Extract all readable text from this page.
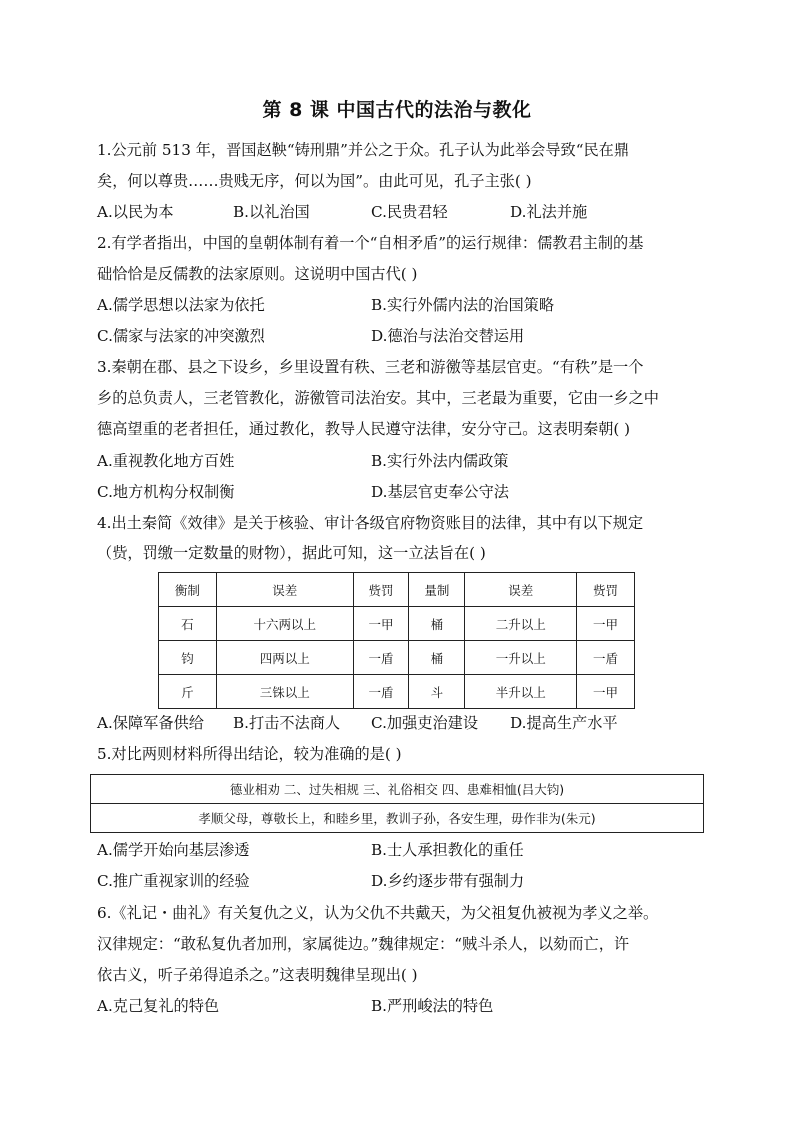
第 8 课 中国古代的法治与教化
1.公元前 513 年，晋国赵鞅“铸刑鼎”并公之于众。孔子认为此举会导致“民在鼎
矣，何以尊贵……贵贱无序，何以为国”。由此可见，孔子主张( )
A.以民为本	B.以礼治国	C.民贵君轻	D.礼法并施
2.有学者指出，中国的皇朝体制有着一个“自相矛盾”的运行规律：儒教君主制的基
础恰恰是反儒教的法家原则。这说明中国古代( )
A.儒学思想以法家为依托	B.实行外儒内法的治国策略
C.儒家与法家的冲突激烈	D.德治与法治交替运用
3.秦朝在郡、县之下设乡，乡里设置有秩、三老和游徼等基层官吏。“有秩”是一个
乡的总负责人，三老管教化，游徼管司法治安。其中，三老最为重要，它由一乡之中
德高望重的老者担任，通过教化，教导人民遵守法律，安分守己。这表明秦朝( )
A.重视教化地方百姓	B.实行外法内儒政策
C.地方机构分权制衡	D.基层官吏奉公守法
4.出土秦简《效律》是关于核验、审计各级官府物资账目的法律，其中有以下规定
（赀，罚缴一定数量的财物），据此可知，这一立法旨在( )
衡制	误差	赀罚	量制	误差	赀罚
石	十六两以上	一甲	桶	二升以上	一甲
钧	四两以上	一盾	桶	一升以上	一盾
斤	三铢以上	一盾	斗	半升以上	一甲
A.保障军备供给 B.打击不法商人 C.加强吏治建设 D.提高生产水平
5.对比两则材料所得出结论，较为准确的是( )
德业相劝 二、过失相规 三、礼俗相交 四、患难相恤(吕大钧)
孝顺父母，尊敬长上，和睦乡里，教训子孙，各安生理，毋作非为(朱元)
A.儒学开始向基层渗透	B.士人承担教化的重任
C.推广重视家训的经验	D.乡约逐步带有强制力
6.《礼记・曲礼》有关复仇之义，认为父仇不共戴天，为父祖复仇被视为孝义之举。
汉律规定：“敢私复仇者加刑，家属徙边。”魏律规定：“贼斗杀人，以劾而亡，许
依古义，听子弟得追杀之。”这表明魏律呈现出( )
A.克己复礼的特色	B.严刑峻法的特色
